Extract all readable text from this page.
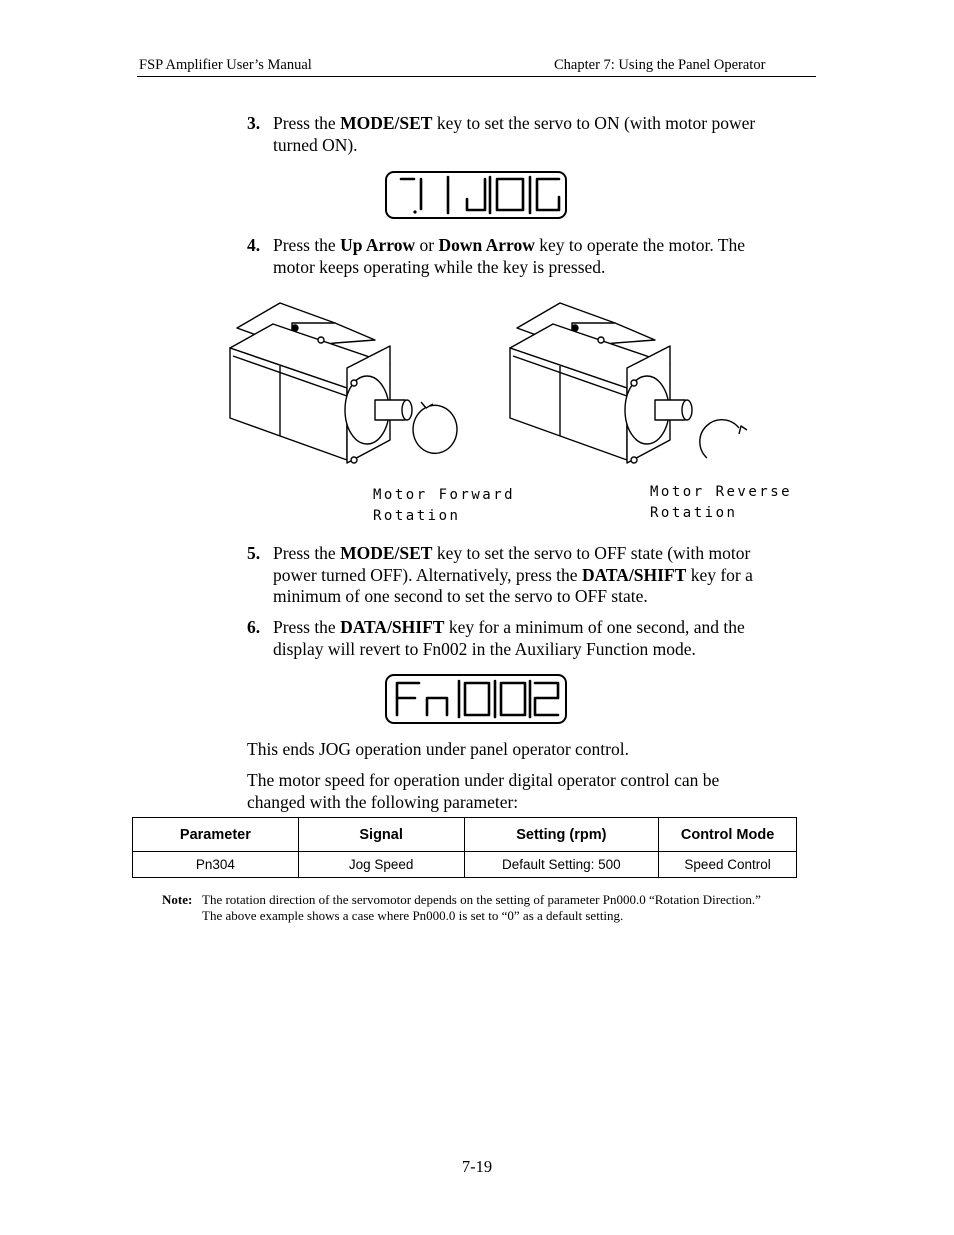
FSP Amplifier User’s Manual	Chapter 7: Using the Panel Operator
3. Press the MODE/SET key to set the servo to ON (with motor power
turned ON).
4. Press the Up Arrow or Down Arrow key to operate the motor. The
motor keeps operating while the key is pressed.
Motor Forward
Rotation
Motor Reverse
Rotation
5. Press the MODE/SET key to set the servo to OFF state (with motor
power turned OFF). Alternatively, press the DATA/SHIFT key for a
minimum of one second to set the servo to OFF state.
6. Press the DATA/SHIFT key for a minimum of one second, and the
display will revert to Fn002 in the Auxiliary Function mode.
This ends JOG operation under panel operator control.
The motor speed for operation under digital operator control can be
changed with the following parameter:
Parameter	Signal	Setting (rpm)	Control Mode
Pn304	Jog Speed	Default Setting: 500	Speed Control
Note: The rotation direction of the servomotor depends on the setting of parameter Pn000.0 “Rotation Direction.”
The above example shows a case where Pn000.0 is set to “0” as a default setting.
7-19
